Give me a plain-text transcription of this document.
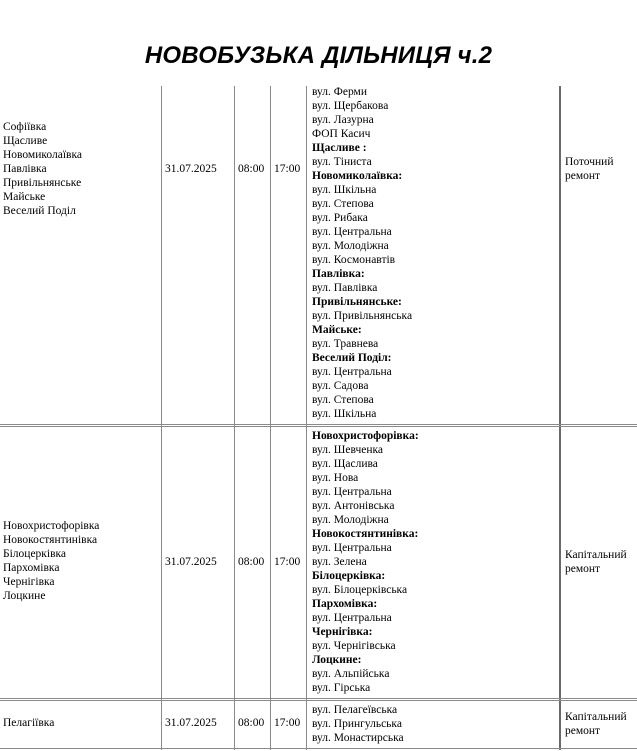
НОВОБУЗЬКА ДІЛЬНИЦЯ ч.2
Софіївка
Щасливе
Новомиколаївка
Павлівка
Привільнянське
Майське
Веселий Поділ
31.07.2025 08:00 17:00
вул. Ферми
вул. Щербакова
вул. Лазурна
ФОП Касич
Щасливе :
вул. Тіниста
Новомиколаївка:
вул. Шкільна
вул. Степова
вул. Рибака
вул. Центральна
вул. Молодіжна
вул. Космонавтів
Павлівка:
вул. Павлівка
Привільнянське:
вул. Привільнянська
Майське:
вул. Травнева
Веселий Поділ:
вул. Центральна
вул. Садова
вул. Степова
вул. Шкільна
Поточний ремонт
Новохристофорівка
Новокостянтинівка
Білоцерківка
Пархомівка
Чернігівка
Лоцкине
31.07.2025 08:00 17:00
Новохристофорівка:
вул. Шевченка
вул. Щаслива
вул. Нова
вул. Центральна
вул. Антонівська
вул. Молодіжна
Новокостянтинівка:
вул. Центральна
вул. Зелена
Білоцерківка:
вул. Білоцерківська
Пархомівка:
вул. Центральна
Чернігівка:
вул. Чернігівська
Лоцкине:
вул. Альпійська
вул. Гірська
Капітальний ремонт
Пелагіївка	31.07.2025 08:00 17:00
вул. Пелагеївська
вул. Прингульська
вул. Монастирська
Капітальний ремонт
